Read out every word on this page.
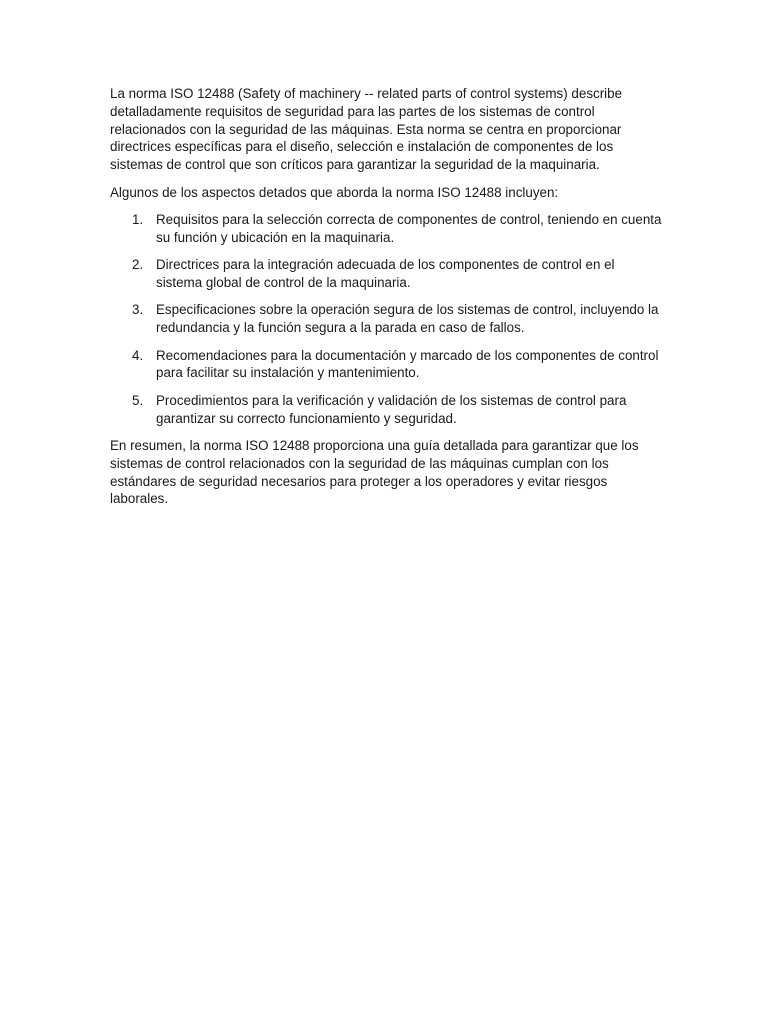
La norma ISO 12488 (Safety of machinery -- related parts of control systems) describe detalladamente requisitos de seguridad para las partes de los sistemas de control relacionados con la seguridad de las máquinas. Esta norma se centra en proporcionar directrices específicas para el diseño, selección e instalación de componentes de los sistemas de control que son críticos para garantizar la seguridad de la maquinaria.

Algunos de los aspectos detados que aborda la norma ISO 12488 incluyen:

1. Requisitos para la selección correcta de componentes de control, teniendo en cuenta su función y ubicación en la maquinaria.
2. Directrices para la integración adecuada de los componentes de control en el sistema global de control de la maquinaria.
3. Especificaciones sobre la operación segura de los sistemas de control, incluyendo la redundancia y la función segura a la parada en caso de fallos.
4. Recomendaciones para la documentación y marcado de los componentes de control para facilitar su instalación y mantenimiento.
5. Procedimientos para la verificación y validación de los sistemas de control para garantizar su correcto funcionamiento y seguridad.

En resumen, la norma ISO 12488 proporciona una guía detallada para garantizar que los sistemas de control relacionados con la seguridad de las máquinas cumplan con los estándares de seguridad necesarios para proteger a los operadores y evitar riesgos laborales.
